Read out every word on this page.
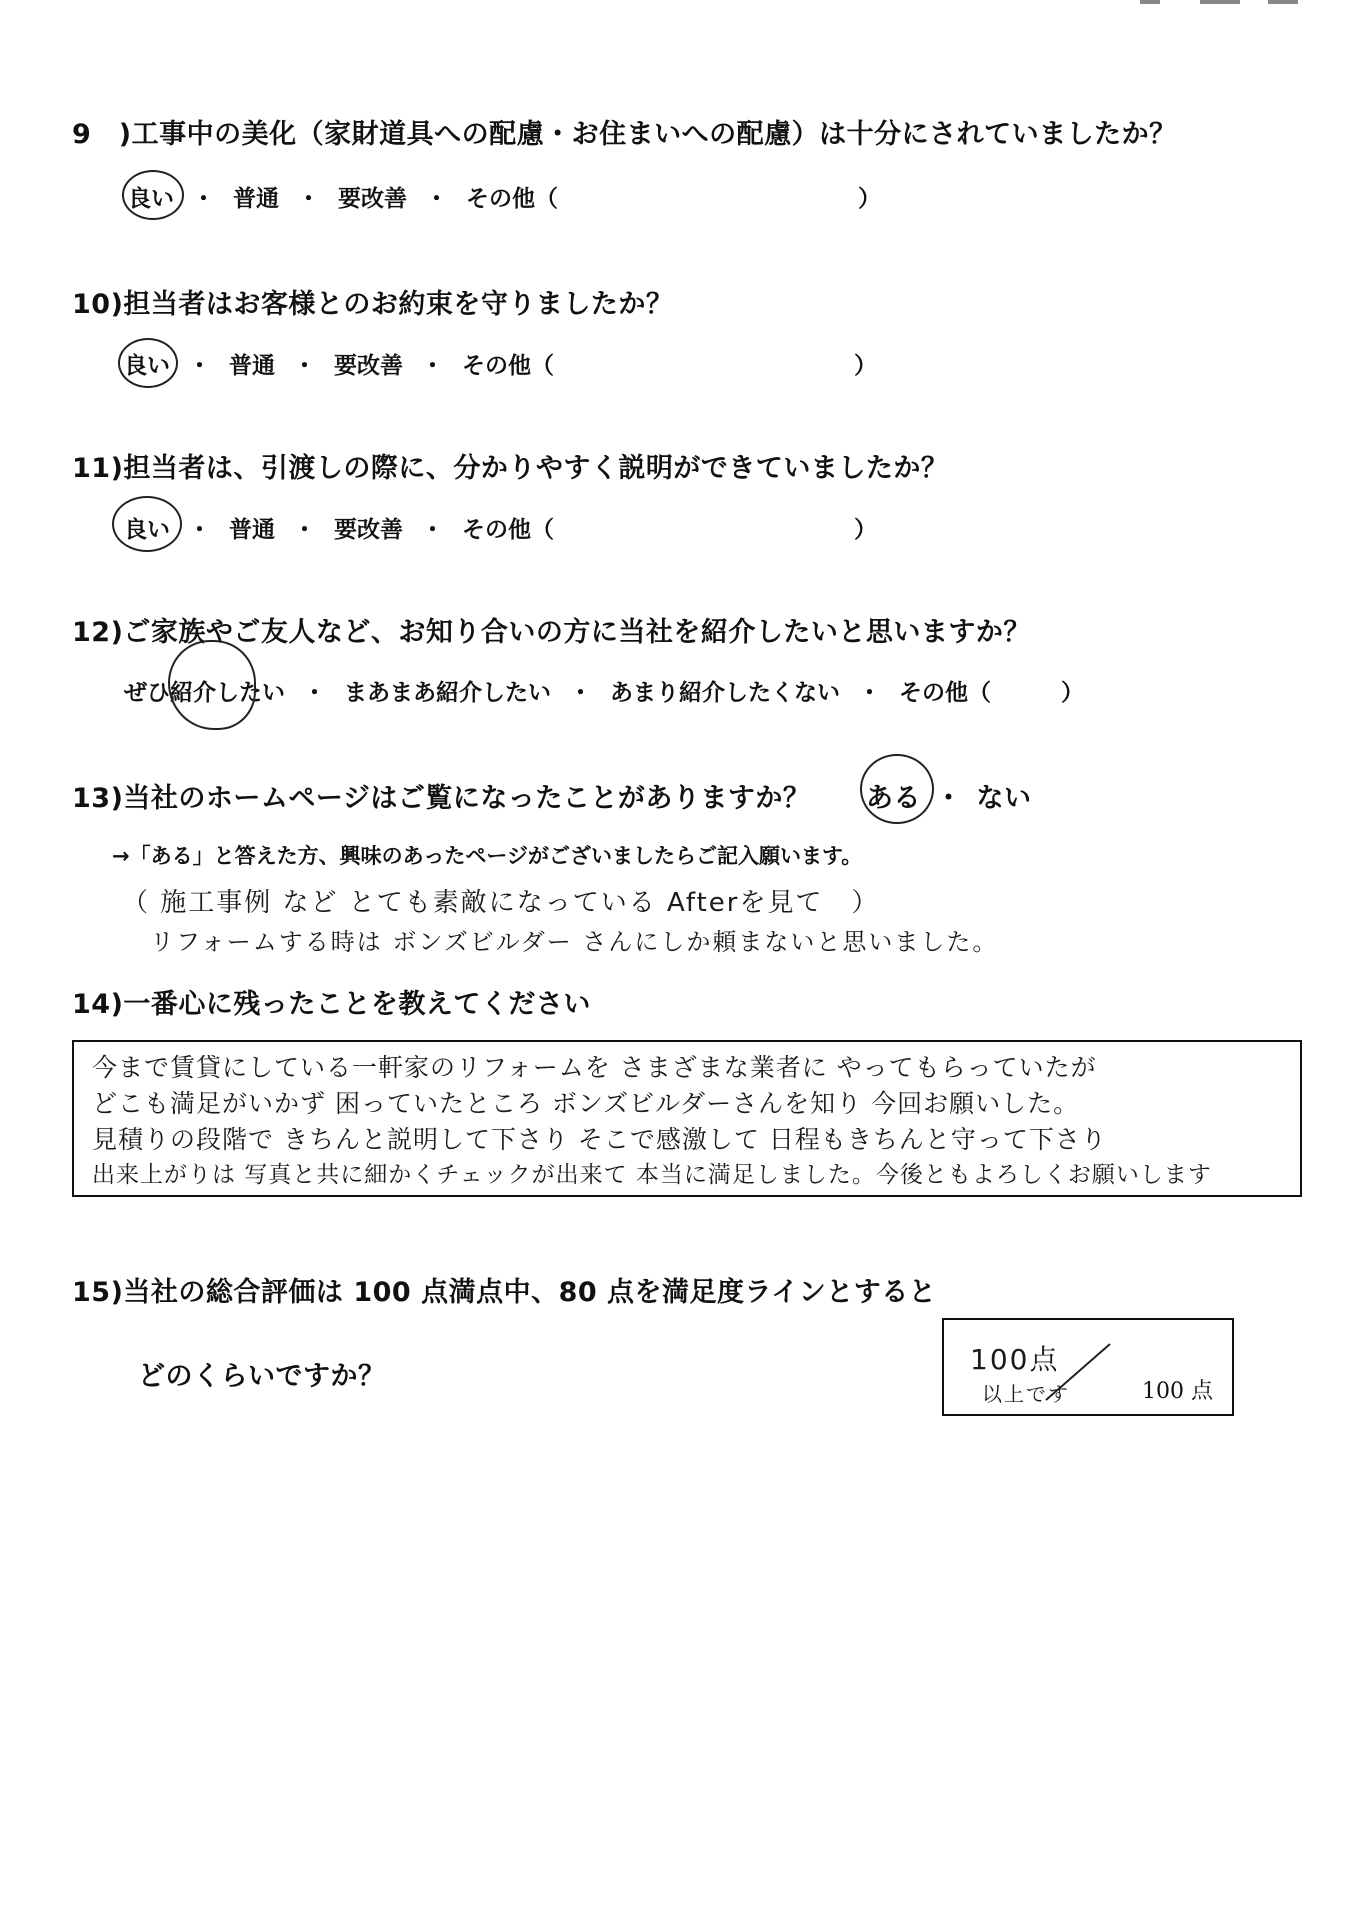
9　)工事中の美化（家財道具への配慮・お住まいへの配慮）は十分にされていましたか？
良い ・ 普通 ・ 要改善 ・ その他（	）
10)担当者はお客様とのお約束を守りましたか？
良い ・ 普通 ・ 要改善 ・ その他（	）
11)担当者は、引渡しの際に、分かりやすく説明ができていましたか？
良い ・ 普通 ・ 要改善 ・ その他（	）
12)ご家族やご友人など、お知り合いの方に当社を紹介したいと思いますか？
ぜひ紹介したい ・ まあまあ紹介したい ・ あまり紹介したくない ・ その他（	）
13)当社のホームページはご覧になったことがありますか？ ある ・ ない
→「ある」と答えた方、興味のあったページがございましたらご記入願います。
（ 施工事例 など とても素敵になっている Afterを見て　）
リフォームする時は ボンズビルダー さんにしか頼まないと思いました。
14)一番心に残ったことを教えてください
今まで賃貸にしている一軒家のリフォームを さまざまな業者に やってもらっていたが
どこも満足がいかず 困っていたところ ボンズビルダーさんを知り 今回お願いした。
見積りの段階で きちんと説明して下さり そこで感激して 日程もきちんと守って下さり
出来上がりは 写真と共に細かくチェックが出来て 本当に満足しました。今後ともよろしくお願いします
15)当社の総合評価は 100 点満点中、80 点を満足度ラインとすると
どのくらいですか？
100点
以上です	100 点
